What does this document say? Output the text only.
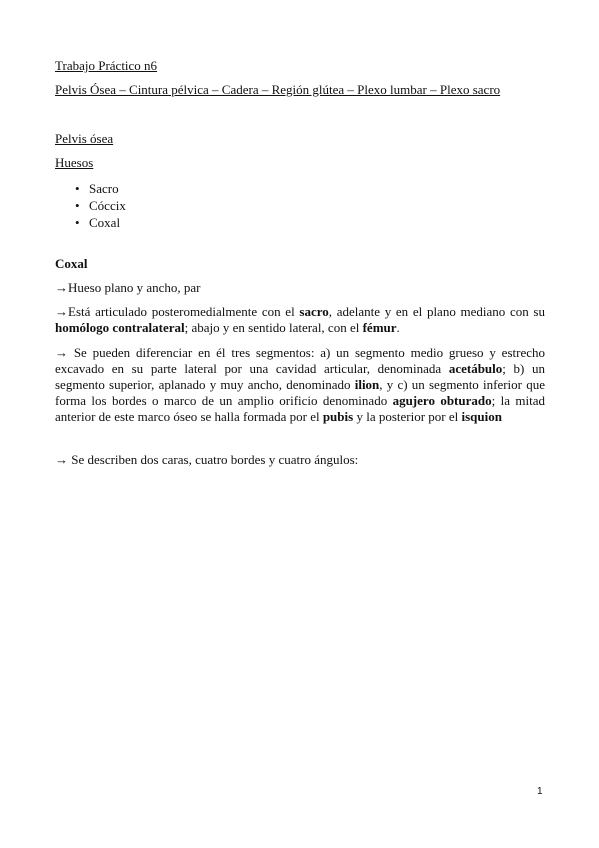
Trabajo Práctico n6
Pelvis Ósea – Cintura pélvica – Cadera – Región glútea – Plexo lumbar – Plexo sacro
Pelvis ósea
Huesos
• Sacro
• Cóccix
• Coxal
Coxal
→Hueso plano y ancho, par
→Está articulado posteromedialmente con el sacro, adelante y en el plano mediano con su homólogo contralateral; abajo y en sentido lateral, con el fémur.
→ Se pueden diferenciar en él tres segmentos: a) un segmento medio grueso y estrecho excavado en su parte lateral por una cavidad articular, denominada acetábulo; b) un segmento superior, aplanado y muy ancho, denominado ilion, y c) un segmento inferior que forma los bordes o marco de un amplio orificio denominado agujero obturado; la mitad anterior de este marco óseo se halla formada por el pubis y la posterior por el isquion
→ Se describen dos caras, cuatro bordes y cuatro ángulos:
1
